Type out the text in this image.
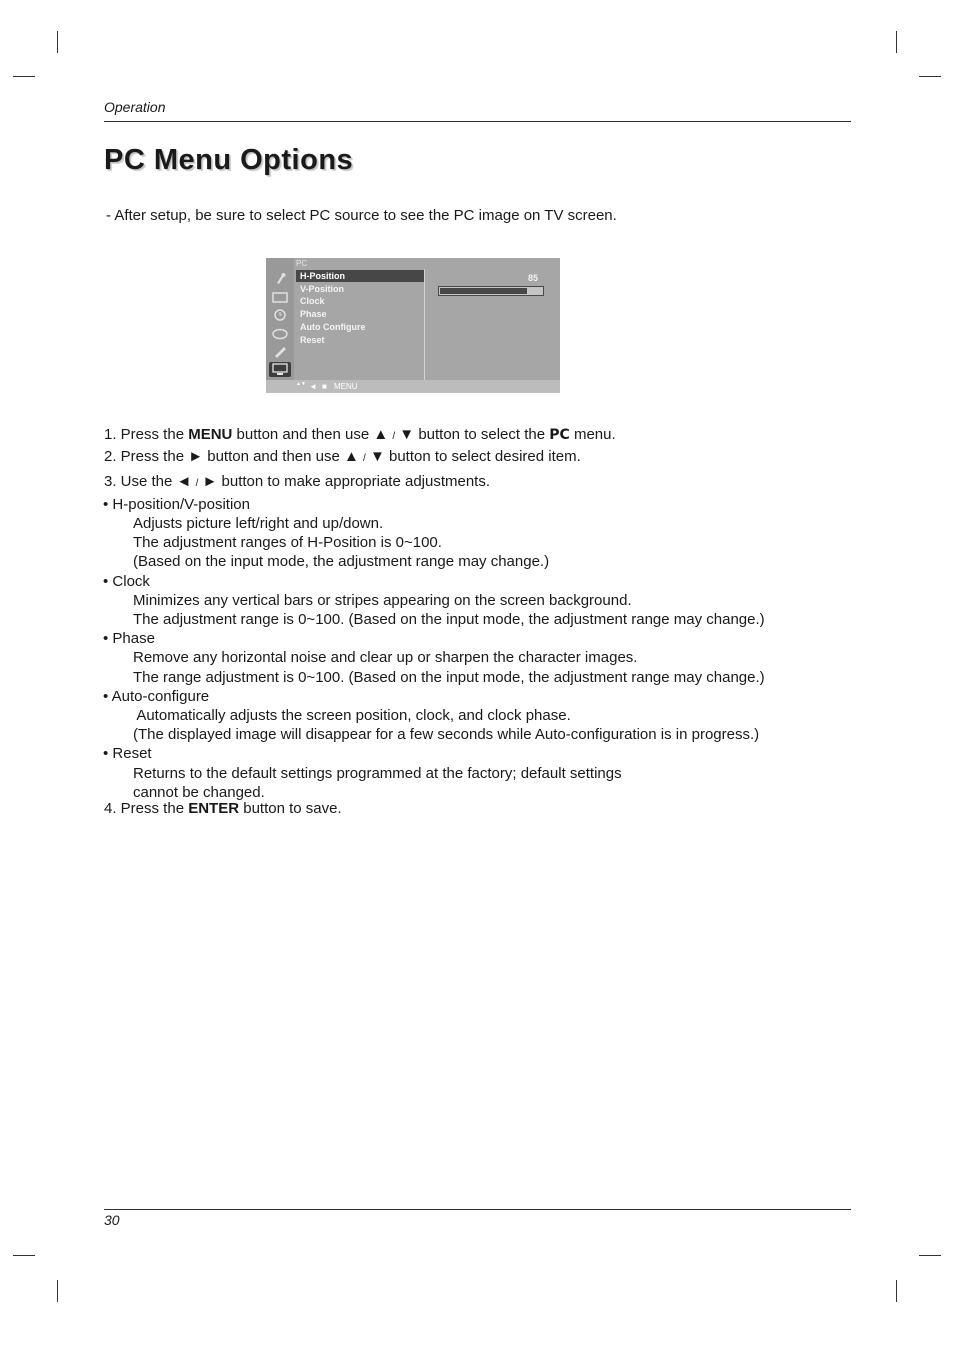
Operation
PC Menu Options
- After setup, be sure to select PC source to see the PC image on TV screen.
PC
H-Position
V-Position
Clock
Phase
Auto Configure
Reset
85
▲▼ ◄ ■ MENU
1. Press the MENU button and then use ▲ / ▼ button to select the PC menu.
2. Press the ► button and then use ▲ / ▼ button to select desired item.
3. Use the ◄ / ► button to make appropriate adjustments.
• H-position/V-position
Adjusts picture left/right and up/down.
The adjustment ranges of H-Position is 0~100.
(Based on the input mode, the adjustment range may change.)
• Clock
Minimizes any vertical bars or stripes appearing on the screen background.
The adjustment range is 0~100. (Based on the input mode, the adjustment range may change.)
• Phase
Remove any horizontal noise and clear up or sharpen the character images.
The range adjustment is 0~100. (Based on the input mode, the adjustment range may change.)
• Auto-configure
Automatically adjusts the screen position, clock, and clock phase.
(The displayed image will disappear for a few seconds while Auto-configuration is in progress.)
• Reset
Returns to the default settings programmed at the factory; default settings
cannot be changed.
4. Press the ENTER button to save.
30
